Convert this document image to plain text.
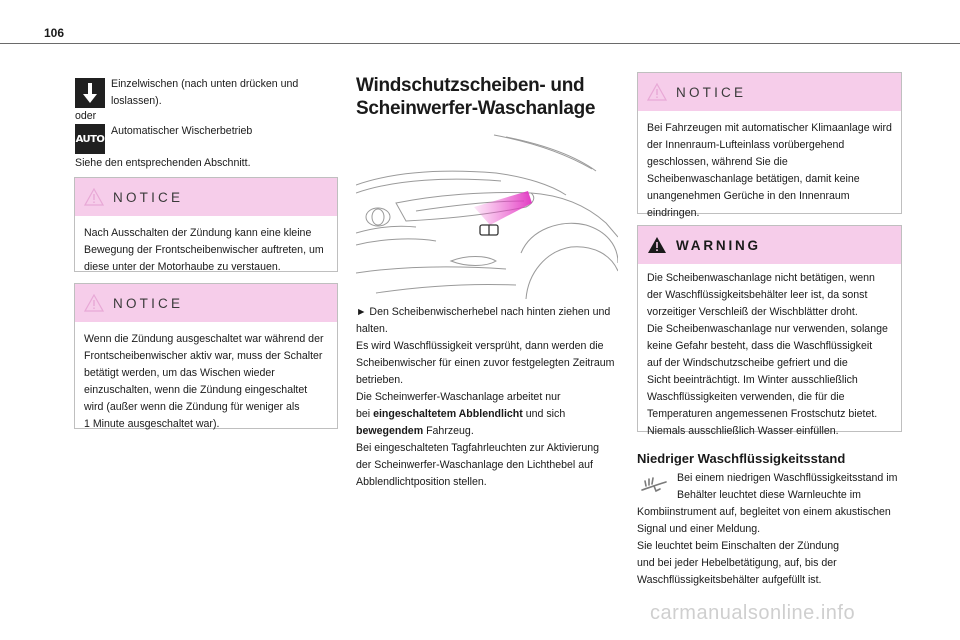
106
Einzelwischen (nach unten drücken und
loslassen).
oder
AUTO
Automatischer Wischerbetrieb
Siehe den entsprechenden Abschnitt.
NOTICE
Nach Ausschalten der Zündung kann eine kleine
Bewegung der Frontscheibenwischer auftreten, um
diese unter der Motorhaube zu verstauen.
NOTICE
Wenn die Zündung ausgeschaltet war während der
Frontscheibenwischer aktiv war, muss der Schalter
betätigt werden, um das Wischen wieder
einzuschalten, wenn die Zündung eingeschaltet
wird (außer wenn die Zündung für weniger als
1 Minute ausgeschaltet war).
Windschutzscheiben- und
Scheinwerfer-Waschanlage
► Den Scheibenwischerhebel nach hinten ziehen und
halten.
Es wird Waschflüssigkeit versprüht, dann werden die
Scheibenwischer für einen zuvor festgelegten Zeitraum
betrieben.
Die Scheinwerfer-Waschanlage arbeitet nur
bei eingeschaltetem Abblendlicht und sich
bewegendem Fahrzeug.
Bei eingeschalteten Tagfahrleuchten zur Aktivierung
der Scheinwerfer-Waschanlage den Lichthebel auf
Abblendlichtposition stellen.
NOTICE
Bei Fahrzeugen mit automatischer Klimaanlage wird
der Innenraum-Lufteinlass vorübergehend
geschlossen, während Sie die
Scheibenwaschanlage betätigen, damit keine
unangenehmen Gerüche in den Innenraum
eindringen.
WARNING
Die Scheibenwaschanlage nicht betätigen, wenn
der Waschflüssigkeitsbehälter leer ist, da sonst
vorzeitiger Verschleiß der Wischblätter droht.
Die Scheibenwaschanlage nur verwenden, solange
keine Gefahr besteht, dass die Waschflüssigkeit
auf der Windschutzscheibe gefriert und die
Sicht beeinträchtigt. Im Winter ausschließlich
Waschflüssigkeiten verwenden, die für die
Temperaturen angemessenen Frostschutz bietet.
Niemals ausschließlich Wasser einfüllen.
Niedriger Waschflüssigkeitsstand
Bei einem niedrigen Waschflüssigkeitsstand im
Behälter leuchtet diese Warnleuchte im
Kombiinstrument auf, begleitet von einem akustischen
Signal und einer Meldung.
Sie leuchtet beim Einschalten der Zündung
und bei jeder Hebelbetätigung, auf, bis der
Waschflüssigkeitsbehälter aufgefüllt ist.
carmanualsonline.info
